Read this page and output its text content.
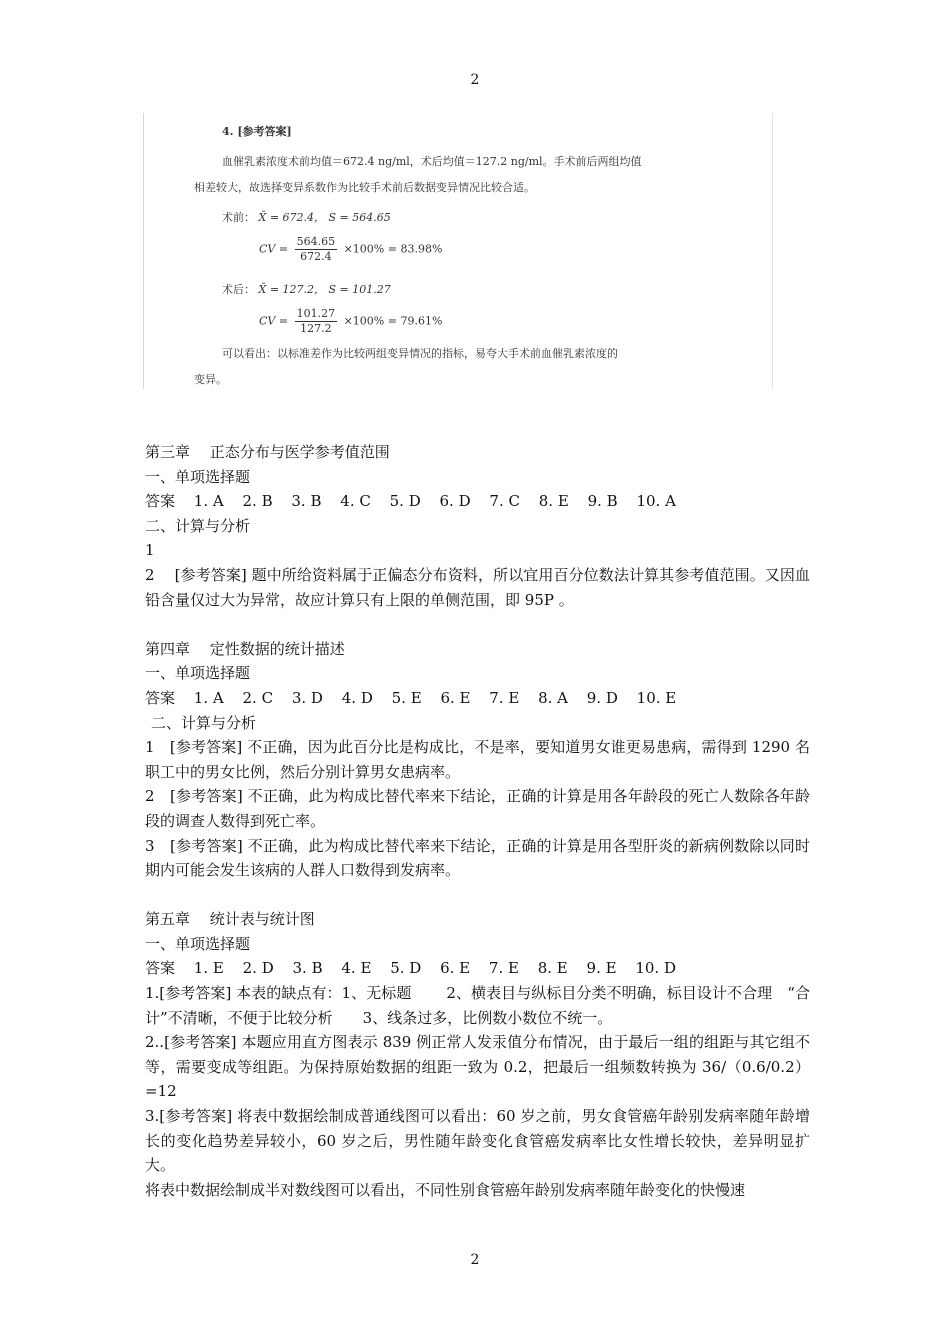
2
4. [参考答案]
血催乳素浓度术前均值＝672.4 ng/ml，术后均值＝127.2 ng/ml。手术前后两组均值
相差较大，故选择变异系数作为比较手术前后数据变异情况比较合适。
术前： X̄ = 672.4， S = 564.65
CV = $\frac{564.65}{672.4} \times 100\% = 83.98\%$
术后： X̄ = 127.2， S = 101.27
CV = $\frac{101.27}{127.2} \times 100\% = 79.61\%$
可以看出：以标准差作为比较两组变异情况的指标，易夸大手术前血催乳素浓度的
变异。

第三章　 正态分布与医学参考值范围

一、单项选择题

答案 1. A 2. B 3. B 4. C 5. D 6. D 7. C 8. E 9. B 10. A

二、计算与分析

1

2　 [参考答案] 题中所给资料属于正偏态分布资料，所以宜用百分位数法计算其参考值范围。又因血铅含量仅过大为异常，故应计算只有上限的单侧范围，即 95P 。

第四章　 定性数据的统计描述

一、单项选择题

答案 1. A 2. C 3. D 4. D 5. E 6. E 7. E 8. A 9. D 10. E

二、计算与分析

1　[参考答案] 不正确，因为此百分比是构成比，不是率，要知道男女谁更易患病，需得到 1290 名职工中的男女比例，然后分别计算男女患病率。

2　[参考答案] 不正确，此为构成比替代率来下结论，正确的计算是用各年龄段的死亡人数除各年龄段的调查人数得到死亡率。

3　[参考答案] 不正确，此为构成比替代率来下结论，正确的计算是用各型肝炎的新病例数除以同时期内可能会发生该病的人群人口数得到发病率。

第五章　 统计表与统计图

一、单项选择题

答案 1. E 2. D 3. B 4. E 5. D 6. E 7. E 8. E 9. E 10. D

1.[参考答案] 本表的缺点有：1、无标题　　 2、横表目与纵标目分类不明确，标目设计不合理　“合计”不清晰，不便于比较分析　　3、线条过多，比例数小数位不统一。

2..[参考答案] 本题应用直方图表示 839 例正常人发汞值分布情况，由于最后一组的组距与其它组不等，需要变成等组距。为保持原始数据的组距一致为 0.2，把最后一组频数转换为 36/（0.6/0.2）=12

3.[参考答案] 将表中数据绘制成普通线图可以看出：60 岁之前，男女食管癌年龄别发病率随年龄增长的变化趋势差异较小，60 岁之后，男性随年龄变化食管癌发病率比女性增长较快，差异明显扩大。

将表中数据绘制成半对数线图可以看出，不同性别食管癌年龄别发病率随年龄变化的快慢速

2
